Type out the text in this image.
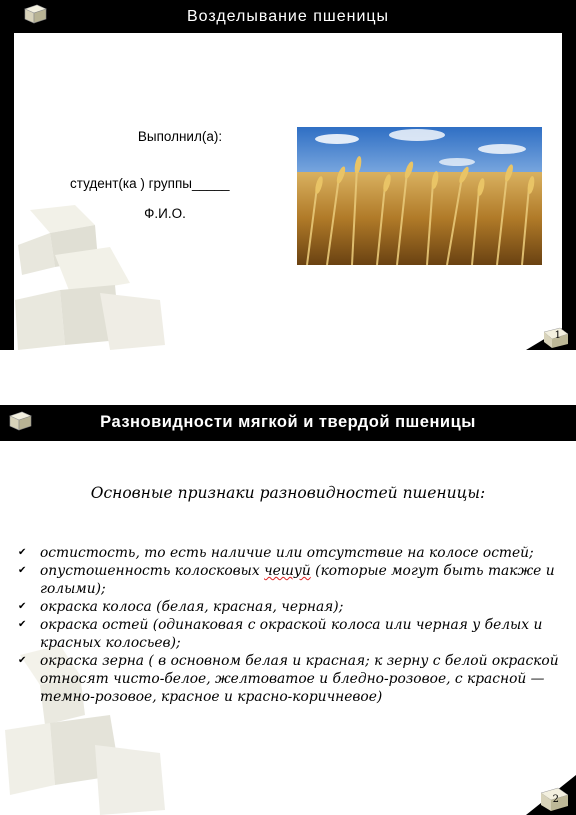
Возделывание пшеницы
Выполнил(а):
студент(ка ) группы_____
Ф.И.О.
1
Разновидности мягкой и твердой пшеницы
Основные признаки разновидностей пшеницы:
✔ остистость, то есть наличие или отсутствие на колосе остей;
✔ опустошенность колосковых чешуй (которые могут быть также и голыми);
✔ окраска колоса (белая, красная, черная);
✔ окраска остей (одинаковая с окраской колоса или черная у белых и красных колосьев);
✔ окраска зерна ( в основном белая и красная; к зерну с белой окраской относят чисто-белое, желтоватое и бледно-розовое, с красной — темно-розовое, красное и красно-коричневое)
2
